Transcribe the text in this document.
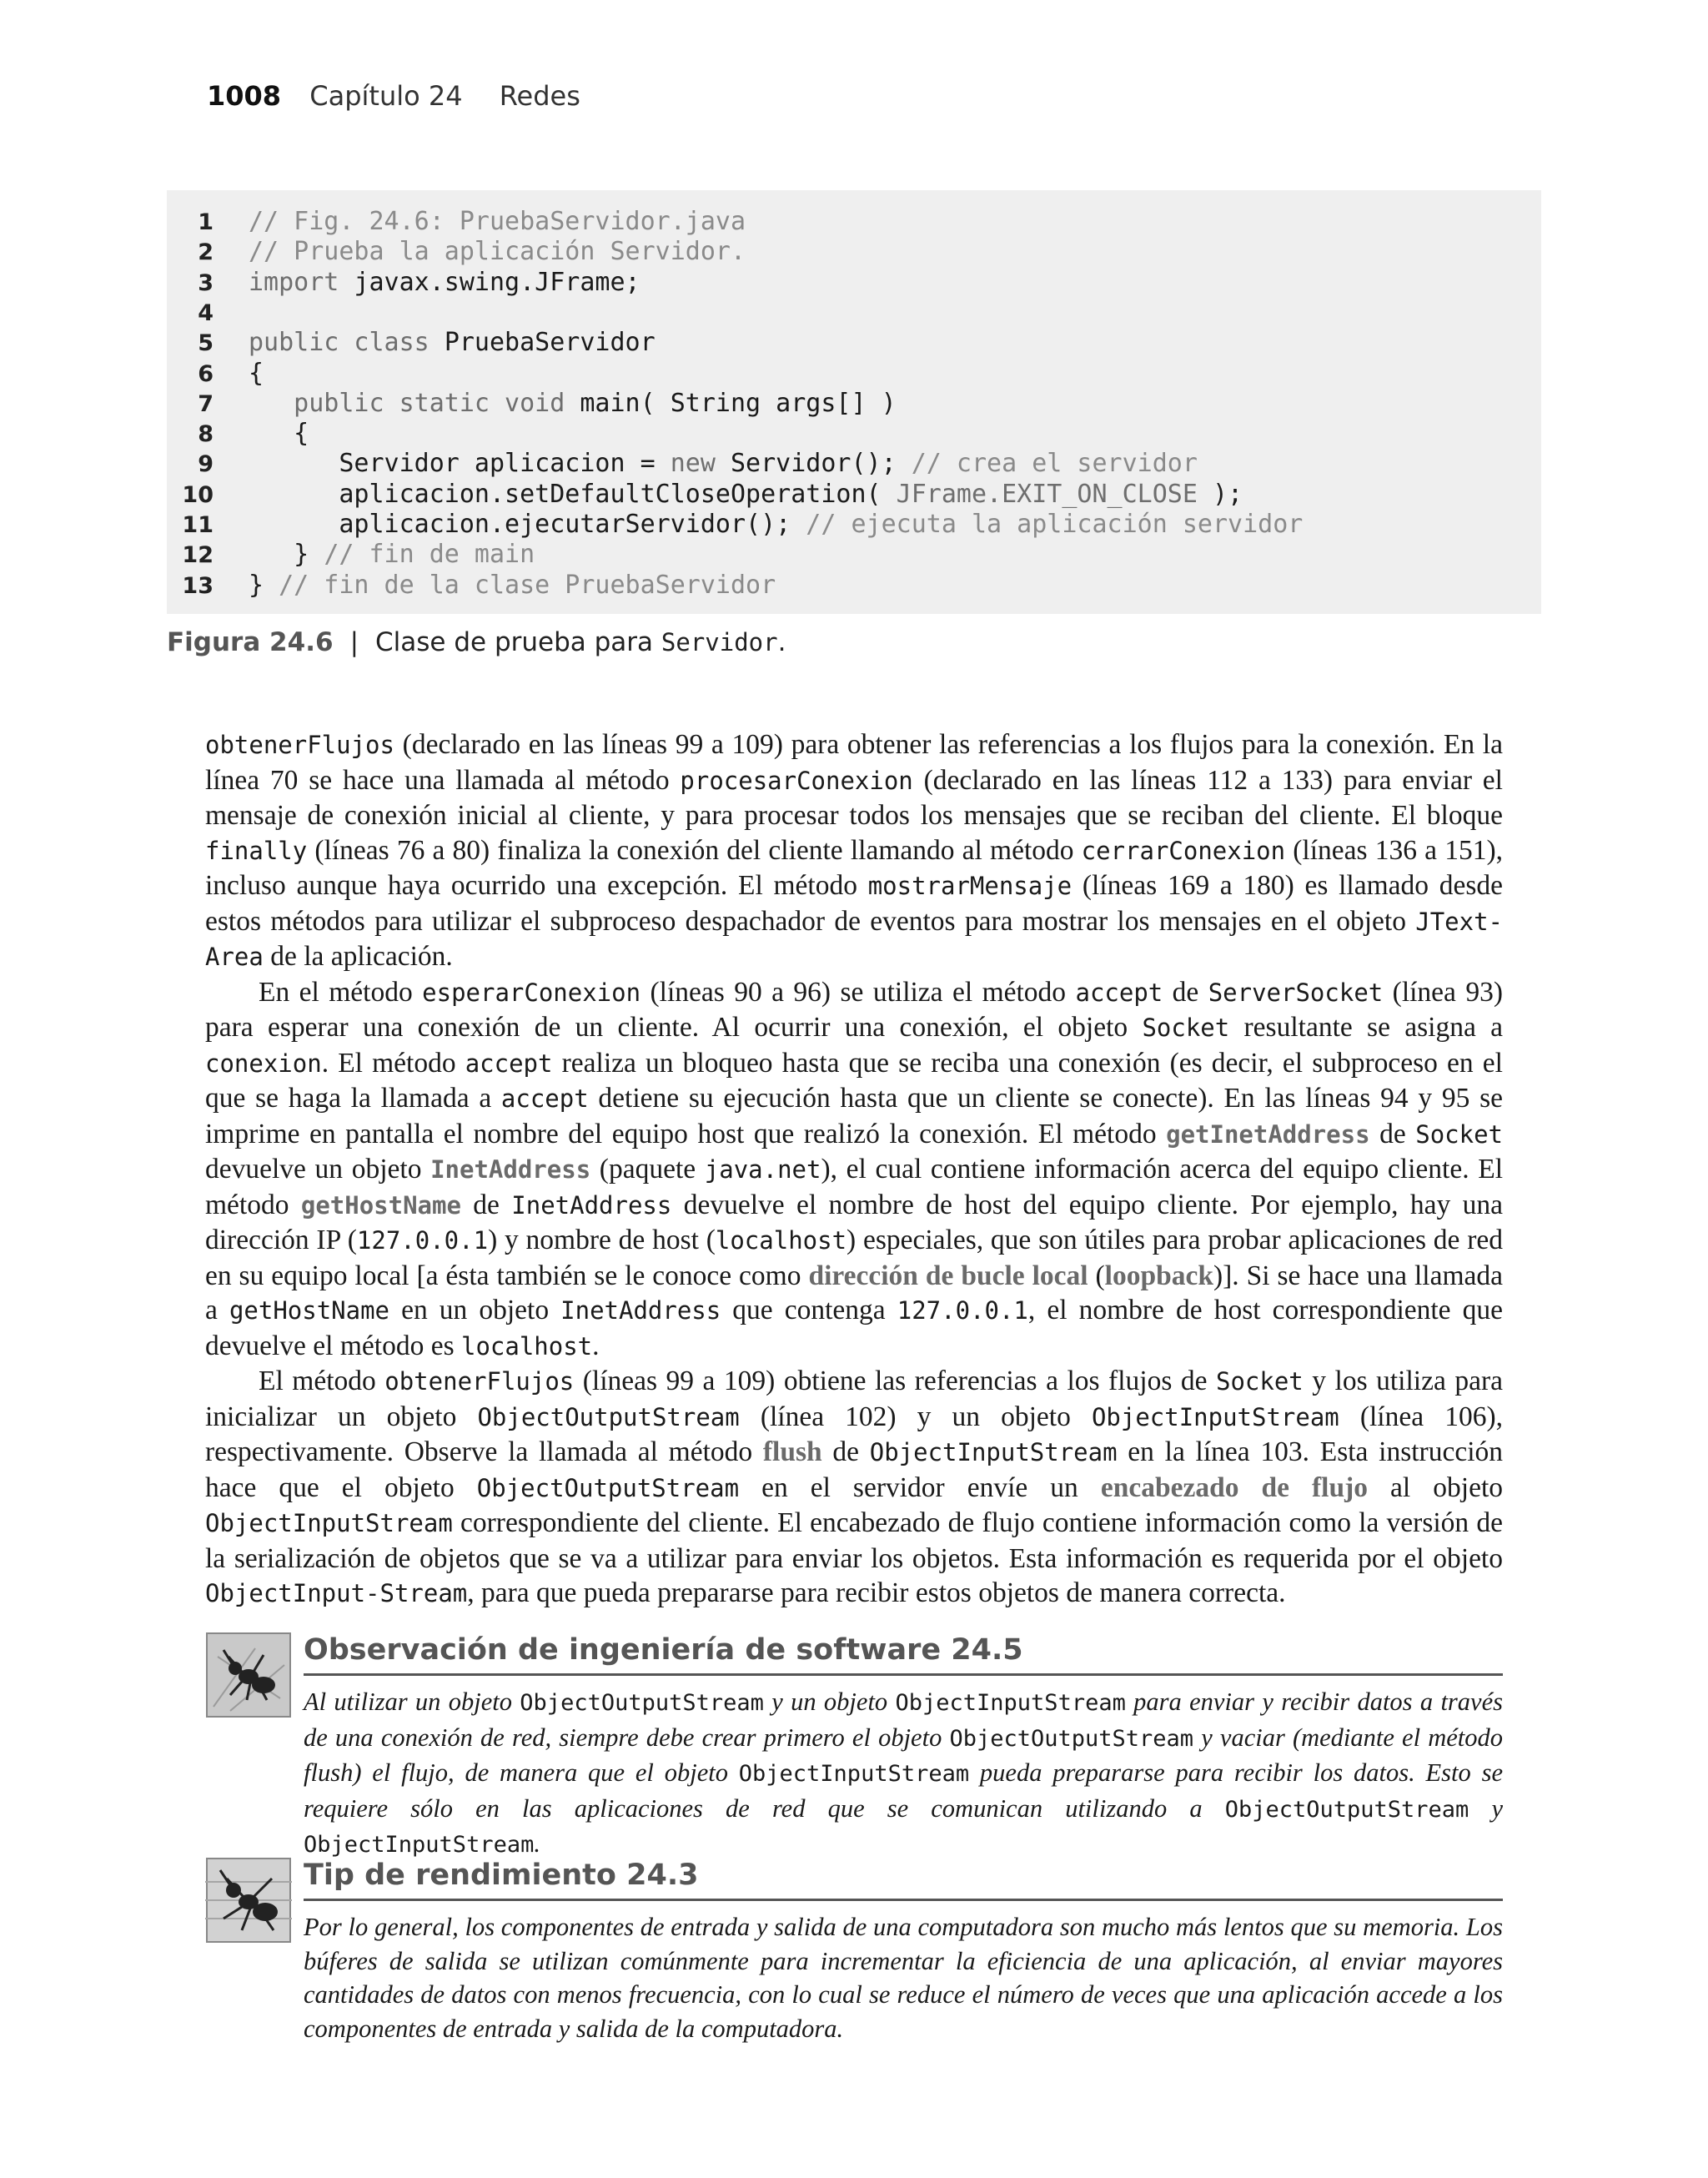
1008 Capítulo 24 Redes
1 // Fig. 24.6: PruebaServidor.java
2 // Prueba la aplicación Servidor.
3 import javax.swing.JFrame;
4
5 public class PruebaServidor
6 {
7 public static void main( String args[] )
8 {
9 Servidor aplicacion = new Servidor(); // crea el servidor
10 aplicacion.setDefaultCloseOperation( JFrame.EXIT_ON_CLOSE );
11 aplicacion.ejecutarServidor(); // ejecuta la aplicación servidor
12 } // fin de main
13 } // fin de la clase PruebaServidor
Figura 24.6 | Clase de prueba para Servidor.

obtenerFlujos (declarado en las líneas 99 a 109) para obtener las referencias a los flujos para la conexión. En la línea 70 se hace una llamada al método procesarConexion (declarado en las líneas 112 a 133) para enviar el mensaje de conexión inicial al cliente, y para procesar todos los mensajes que se reciban del cliente. El bloque finally (líneas 76 a 80) finaliza la conexión del cliente llamando al método cerrarConexion (líneas 136 a 151), incluso aunque haya ocurrido una excepción. El método mostrarMensaje (líneas 169 a 180) es llamado desde estos métodos para utilizar el subproceso despachador de eventos para mostrar los mensajes en el objeto JText-Area de la aplicación.

En el método esperarConexion (líneas 90 a 96) se utiliza el método accept de ServerSocket (línea 93) para esperar una conexión de un cliente. Al ocurrir una conexión, el objeto Socket resultante se asigna a conexion. El método accept realiza un bloqueo hasta que se reciba una conexión (es decir, el subproceso en el que se haga la llamada a accept detiene su ejecución hasta que un cliente se conecte). En las líneas 94 y 95 se imprime en pantalla el nombre del equipo host que realizó la conexión. El método getInetAddress de Socket devuelve un objeto InetAddress (paquete java.net), el cual contiene información acerca del equipo cliente. El método getHostName de InetAddress devuelve el nombre de host del equipo cliente. Por ejemplo, hay una dirección IP (127.0.0.1) y nombre de host (localhost) especiales, que son útiles para probar aplicaciones de red en su equipo local [a ésta también se le conoce como dirección de bucle local (loopback)]. Si se hace una llamada a getHostName en un objeto InetAddress que contenga 127.0.0.1, el nombre de host correspondiente que devuelve el método es localhost.

El método obtenerFlujos (líneas 99 a 109) obtiene las referencias a los flujos de Socket y los utiliza para inicializar un objeto ObjectOutputStream (línea 102) y un objeto ObjectInputStream (línea 106), respectivamente. Observe la llamada al método flush de ObjectInputStream en la línea 103. Esta instrucción hace que el objeto ObjectOutputStream en el servidor envíe un encabezado de flujo al objeto ObjectInputStream correspondiente del cliente. El encabezado de flujo contiene información como la versión de la serialización de objetos que se va a utilizar para enviar los objetos. Esta información es requerida por el objeto ObjectInput-Stream, para que pueda prepararse para recibir estos objetos de manera correcta.

Observación de ingeniería de software 24.5
Al utilizar un objeto ObjectOutputStream y un objeto ObjectInputStream para enviar y recibir datos a través de una conexión de red, siempre debe crear primero el objeto ObjectOutputStream y vaciar (mediante el método flush) el flujo, de manera que el objeto ObjectInputStream pueda prepararse para recibir los datos. Esto se requiere sólo en las aplicaciones de red que se comunican utilizando a ObjectOutputStream y ObjectInputStream.
Tip de rendimiento 24.3
Por lo general, los componentes de entrada y salida de una computadora son mucho más lentos que su memoria. Los búferes de salida se utilizan comúnmente para incrementar la eficiencia de una aplicación, al enviar mayores cantidades de datos con menos frecuencia, con lo cual se reduce el número de veces que una aplicación accede a los componentes de entrada y salida de la computadora.
